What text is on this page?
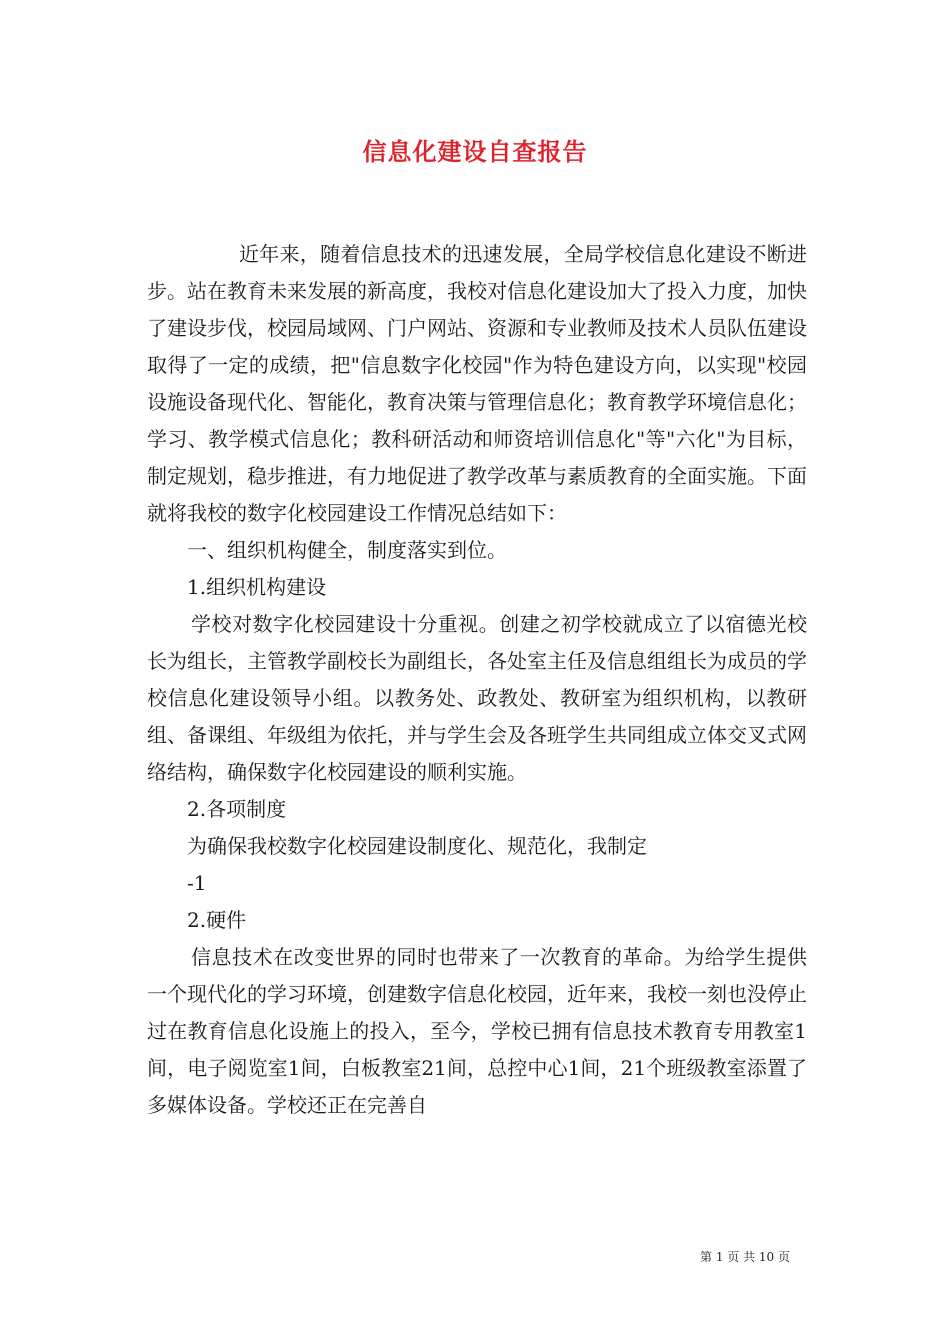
信息化建设自查报告

近年来，随着信息技术的迅速发展，全局学校信息化建设不断进步。站在教育未来发展的新高度，我校对信息化建设加大了投入力度，加快了建设步伐，校园局域网、门户网站、资源和专业教师及技术人员队伍建设取得了一定的成绩，把"信息数字化校园"作为特色建设方向，以实现"校园设施设备现代化、智能化，教育决策与管理信息化；教育教学环境信息化；学习、教学模式信息化；教科研活动和师资培训信息化"等"六化"为目标，制定规划，稳步推进，有力地促进了教学改革与素质教育的全面实施。下面就将我校的数字化校园建设工作情况总结如下：

一、组织机构健全，制度落实到位。

1.组织机构建设

学校对数字化校园建设十分重视。创建之初学校就成立了以宿德光校长为组长，主管教学副校长为副组长，各处室主任及信息组组长为成员的学校信息化建设领导小组。以教务处、政教处、教研室为组织机构，以教研组、备课组、年级组为依托，并与学生会及各班学生共同组成立体交叉式网络结构，确保数字化校园建设的顺利实施。

2.各项制度

为确保我校数字化校园建设制度化、规范化，我制定

-1

2.硬件

信息技术在改变世界的同时也带来了一次教育的革命。为给学生提供一个现代化的学习环境，创建数字信息化校园，近年来，我校一刻也没停止过在教育信息化设施上的投入，至今，学校已拥有信息技术教育专用教室1间，电子阅览室1间，白板教室21间，总控中心1间，21个班级教室添置了多媒体设备。学校还正在完善自

第 1 页 共 10 页
